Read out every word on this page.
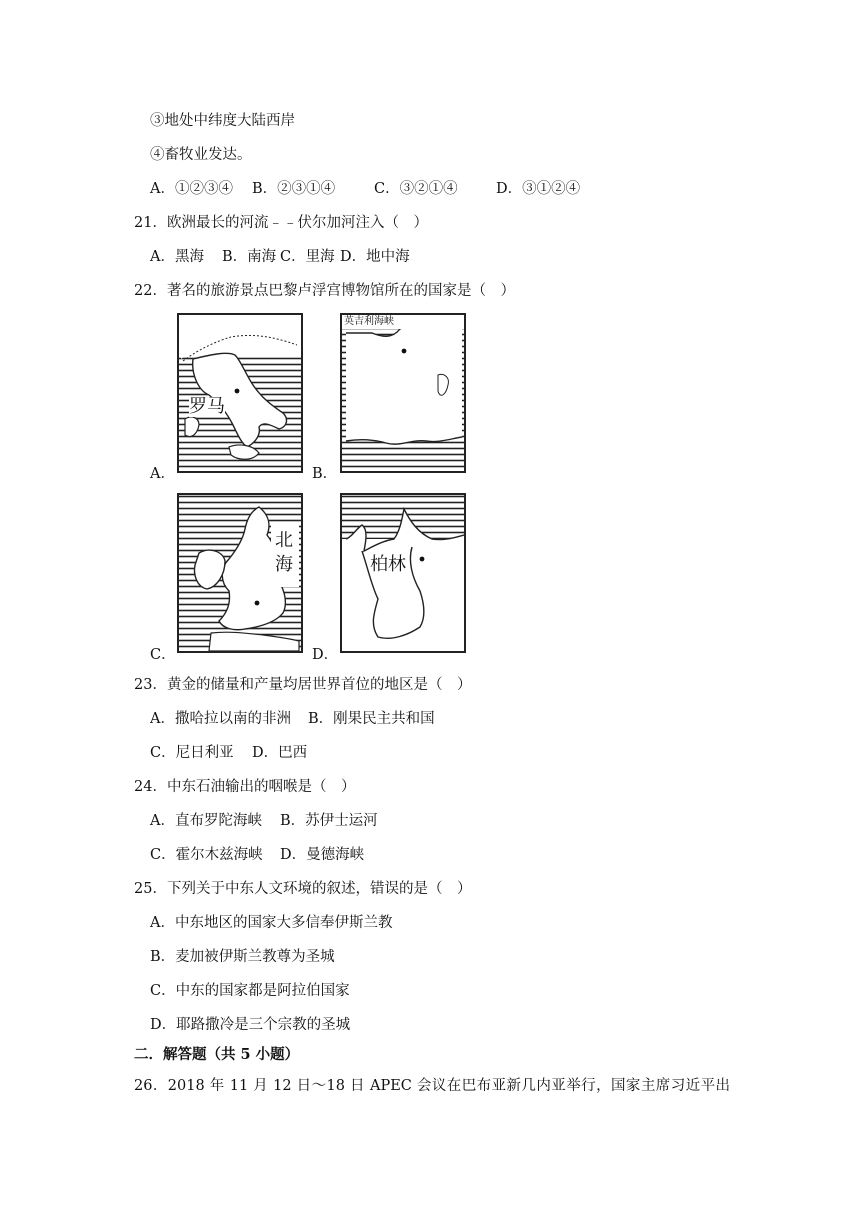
③地处中纬度大陆西岸
④畜牧业发达。
A．①②③④ B．②③①④	C．③②①④	D．③①②④
21．欧洲最长的河流﹣﹣伏尔加河注入（　）
A．黑海 B．南海 C．里海 D．地中海
22．著名的旅游景点巴黎卢浮宫博物馆所在的国家是（　）
罗马
A．
英吉利海峡
B．
北
海
C．
柏林
D．
23．黄金的储量和产量均居世界首位的地区是（　）
A．撒哈拉以南的非洲 B．刚果民主共和国
C．尼日利亚 D．巴西
24．中东石油输出的咽喉是（　）
A．直布罗陀海峡 B．苏伊士运河
C．霍尔木兹海峡 D．曼德海峡
25．下列关于中东人文环境的叙述，错误的是（　）
A．中东地区的国家大多信奉伊斯兰教
B．麦加被伊斯兰教尊为圣城
C．中东的国家都是阿拉伯国家
D．耶路撒冷是三个宗教的圣城
二．解答题（共 5 小题）
26．2018 年 11 月 12 日～18 日 APEC 会议在巴布亚新几内亚举行，国家主席习近平出
